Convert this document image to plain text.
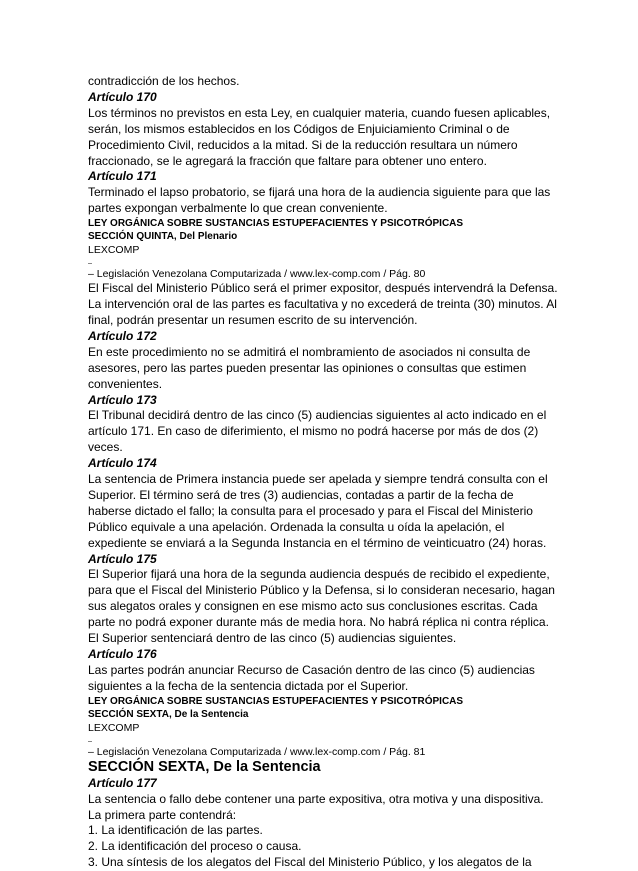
contradicción de los hechos.
Artículo 170
Los términos no previstos en esta Ley, en cualquier materia, cuando fuesen aplicables, serán, los mismos establecidos en los Códigos de Enjuiciamiento Criminal o de Procedimiento Civil, reducidos a la mitad. Si de la reducción resultara un número fraccionado, se le agregará la fracción que faltare para obtener uno entero.
Artículo 171
Terminado el lapso probatorio, se fijará una hora de la audiencia siguiente para que las partes expongan verbalmente lo que crean conveniente.
LEY ORGÁNICA SOBRE SUSTANCIAS ESTUPEFACIENTES Y PSICOTRÓPICAS
SECCIÓN QUINTA, Del Plenario
LEXCOMP
– Legislación Venezolana Computarizada / www.lex-comp.com / Pág. 80
El Fiscal del Ministerio Público será el primer expositor, después intervendrá la Defensa. La intervención oral de las partes es facultativa y no excederá de treinta (30) minutos. Al final, podrán presentar un resumen escrito de su intervención.
Artículo 172
En este procedimiento no se admitirá el nombramiento de asociados ni consulta de asesores, pero las partes pueden presentar las opiniones o consultas que estimen convenientes.
Artículo 173
El Tribunal decidirá dentro de las cinco (5) audiencias siguientes al acto indicado en el artículo 171. En caso de diferimiento, el mismo no podrá hacerse por más de dos (2) veces.
Artículo 174
La sentencia de Primera instancia puede ser apelada y siempre tendrá consulta con el Superior. El término será de tres (3) audiencias, contadas a partir de la fecha de haberse dictado el fallo; la consulta para el procesado y para el Fiscal del Ministerio Público equivale a una apelación. Ordenada la consulta u oída la apelación, el expediente se enviará a la Segunda Instancia en el término de veinticuatro (24) horas.
Artículo 175
El Superior fijará una hora de la segunda audiencia después de recibido el expediente, para que el Fiscal del Ministerio Público y la Defensa, si lo consideran necesario, hagan sus alegatos orales y consignen en ese mismo acto sus conclusiones escritas. Cada parte no podrá exponer durante más de media hora. No habrá réplica ni contra réplica.
El Superior sentenciará dentro de las cinco (5) audiencias siguientes.
Artículo 176
Las partes podrán anunciar Recurso de Casación dentro de las cinco (5) audiencias siguientes a la fecha de la sentencia dictada por el Superior.
LEY ORGÁNICA SOBRE SUSTANCIAS ESTUPEFACIENTES Y PSICOTRÓPICAS
SECCIÓN SEXTA, De la Sentencia
LEXCOMP
– Legislación Venezolana Computarizada / www.lex-comp.com / Pág. 81
SECCIÓN SEXTA, De la Sentencia
Artículo 177
La sentencia o fallo debe contener una parte expositiva, otra motiva y una dispositiva. La primera parte contendrá:
1. La identificación de las partes.
2. La identificación del proceso o causa.
3. Una síntesis de los alegatos del Fiscal del Ministerio Público, y los alegatos de la
